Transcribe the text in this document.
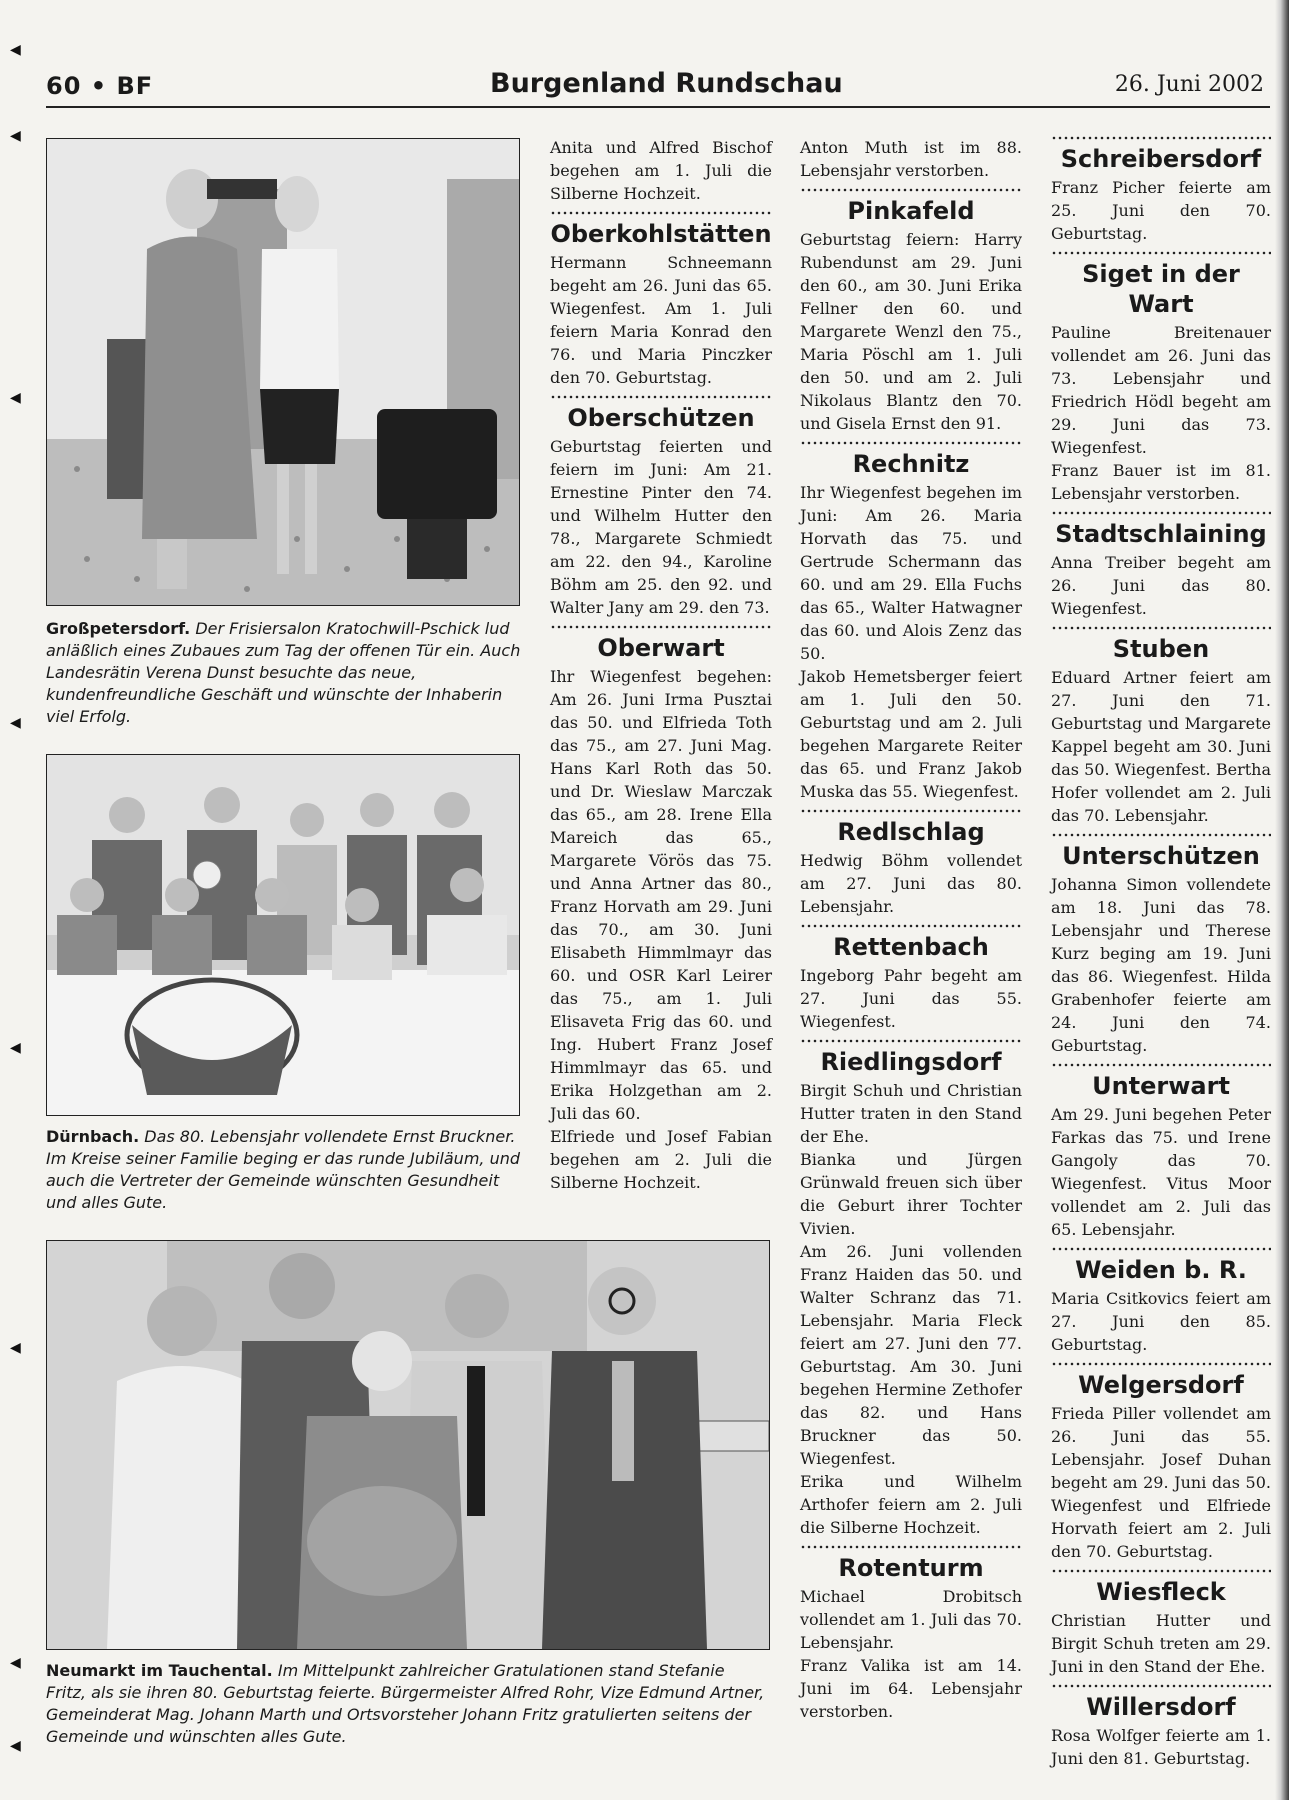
◀
◀
◀
◀
◀
◀
◀
◀
60 • BF	Burgenland Rundschau	26. Juni 2002
Großpetersdorf. Der Frisiersalon Kratochwill-Pschick lud anläßlich eines Zubaues zum Tag der offenen Tür ein. Auch Landesrätin Verena Dunst besuchte das neue, kundenfreundliche Geschäft und wünschte der Inhaberin viel Erfolg.
Dürnbach. Das 80. Lebensjahr vollendete Ernst Bruckner. Im Kreise seiner Familie beging er das runde Jubiläum, und auch die Vertreter der Gemeinde wünschten Gesundheit und alles Gute.
Neumarkt im Tauchental. Im Mittelpunkt zahlreicher Gratulationen stand Stefanie Fritz, als sie ihren 80. Geburtstag feierte. Bürgermeister Alfred Rohr, Vize Edmund Artner, Gemeinderat Mag. Johann Marth und Ortsvorsteher Johann Fritz gratulierten seitens der Gemeinde und wünschten alles Gute.

Anita und Alfred Bischof begehen am 1. Juli die Silberne Hochzeit.

Oberkohlstätten

Hermann Schneemann begeht am 26. Juni das 65. Wiegenfest. Am 1. Juli feiern Maria Konrad den 76. und Maria Pinczker den 70. Geburtstag.

Oberschützen

Geburtstag feierten und feiern im Juni: Am 21. Ernestine Pinter den 74. und Wilhelm Hutter den 78., Margarete Schmiedt am 22. den 94., Karoline Böhm am 25. den 92. und Walter Jany am 29. den 73.

Oberwart

Ihr Wiegenfest begehen: Am 26. Juni Irma Pusztai das 50. und Elfrieda Toth das 75., am 27. Juni Mag. Hans Karl Roth das 50. und Dr. Wieslaw Marczak das 65., am 28. Irene Ella Mareich das 65., Margarete Vörös das 75. und Anna Artner das 80., Franz Horvath am 29. Juni das 70., am 30. Juni Elisabeth Himmlmayr das 60. und OSR Karl Leirer das 75., am 1. Juli Elisaveta Frig das 60. und Ing. Hubert Franz Josef Himmlmayr das 65. und Erika Holzgethan am 2. Juli das 60.

Elfriede und Josef Fabian begehen am 2. Juli die Silberne Hochzeit.

Anton Muth ist im 88. Lebensjahr verstorben.

Pinkafeld

Geburtstag feiern: Harry Rubendunst am 29. Juni den 60., am 30. Juni Erika Fellner den 60. und Margarete Wenzl den 75., Maria Pöschl am 1. Juli den 50. und am 2. Juli Nikolaus Blantz den 70. und Gisela Ernst den 91.

Rechnitz

Ihr Wiegenfest begehen im Juni: Am 26. Maria Horvath das 75. und Gertrude Schermann das 60. und am 29. Ella Fuchs das 65., Walter Hatwagner das 60. und Alois Zenz das 50.

Jakob Hemetsberger feiert am 1. Juli den 50. Geburtstag und am 2. Juli begehen Margarete Reiter das 65. und Franz Jakob Muska das 55. Wiegenfest.

Redlschlag

Hedwig Böhm vollendet am 27. Juni das 80. Lebensjahr.

Rettenbach

Ingeborg Pahr begeht am 27. Juni das 55. Wiegenfest.

Riedlingsdorf

Birgit Schuh und Christian Hutter traten in den Stand der Ehe.

Bianka und Jürgen Grünwald freuen sich über die Geburt ihrer Tochter Vivien.

Am 26. Juni vollenden Franz Haiden das 50. und Walter Schranz das 71. Lebensjahr. Maria Fleck feiert am 27. Juni den 77. Geburtstag. Am 30. Juni begehen Hermine Zethofer das 82. und Hans Bruckner das 50. Wiegenfest.

Erika und Wilhelm Arthofer feiern am 2. Juli die Silberne Hochzeit.

Rotenturm

Michael Drobitsch vollendet am 1. Juli das 70. Lebensjahr.

Franz Valika ist am 14. Juni im 64. Lebensjahr verstorben.

Schreibersdorf

Franz Picher feierte am 25. Juni den 70. Geburtstag.

Siget in der Wart

Pauline Breitenauer vollendet am 26. Juni das 73. Lebensjahr und Friedrich Hödl begeht am 29. Juni das 73. Wiegenfest.

Franz Bauer ist im 81. Lebensjahr verstorben.

Stadtschlaining

Anna Treiber begeht am 26. Juni das 80. Wiegenfest.

Stuben

Eduard Artner feiert am 27. Juni den 71. Geburtstag und Margarete Kappel begeht am 30. Juni das 50. Wiegenfest. Bertha Hofer vollendet am 2. Juli das 70. Lebensjahr.

Unterschützen

Johanna Simon vollendete am 18. Juni das 78. Lebensjahr und Therese Kurz beging am 19. Juni das 86. Wiegenfest. Hilda Grabenhofer feierte am 24. Juni den 74. Geburtstag.

Unterwart

Am 29. Juni begehen Peter Farkas das 75. und Irene Gangoly das 70. Wiegenfest. Vitus Moor vollendet am 2. Juli das 65. Lebensjahr.

Weiden b. R.

Maria Csitkovics feiert am 27. Juni den 85. Geburtstag.

Welgersdorf

Frieda Piller vollendet am 26. Juni das 55. Lebensjahr. Josef Duhan begeht am 29. Juni das 50. Wiegenfest und Elfriede Horvath feiert am 2. Juli den 70. Geburtstag.

Wiesfleck

Christian Hutter und Birgit Schuh treten am 29. Juni in den Stand der Ehe.

Willersdorf

Rosa Wolfger feierte am 1. Juni den 81. Geburtstag.
